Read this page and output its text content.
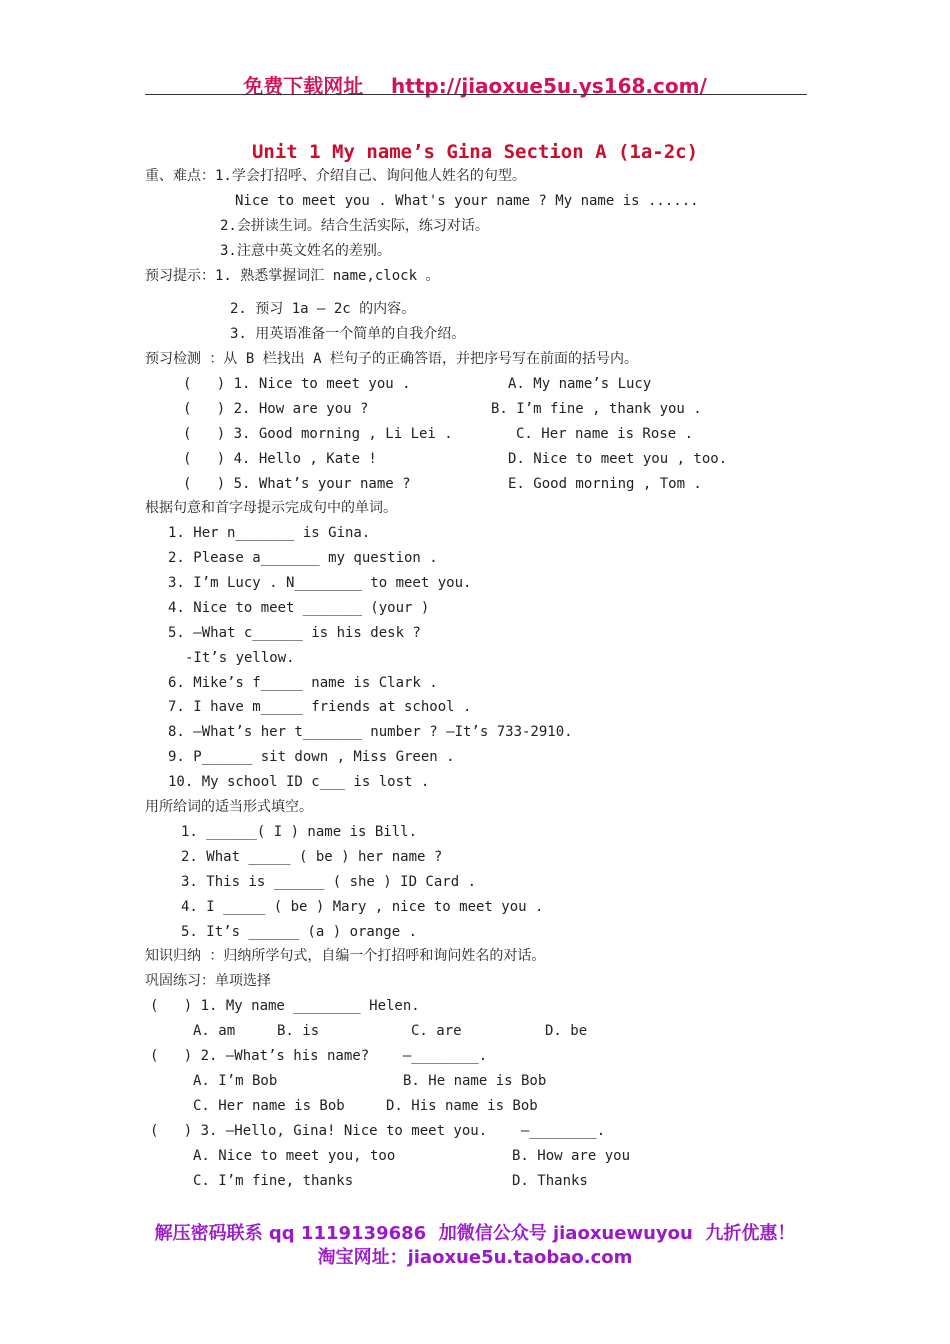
免费下载网址    http://jiaoxue5u.ys168.com/
Unit 1 My name’s Gina Section A (1a-2c)
重、难点：1.学会打招呼、介绍自己、询问他人姓名的句型。
Nice to meet you . What's your name ? My name is ......
2.会拼读生词。结合生活实际，练习对话。
3.注意中英文姓名的差别。
预习提示：1. 熟悉掌握词汇 name,clock 。
2. 预习 1a — 2c 的内容。
3. 用英语准备一个简单的自我介绍。
预习检测 ：从 B 栏找出 A 栏句子的正确答语，并把序号写在前面的括号内。
(   ) 1. Nice to meet you .	A. My name’s Lucy
(   ) 2. How are you ?	B. I’m fine , thank you .
(   ) 3. Good morning , Li Lei .	C. Her name is Rose .
(   ) 4. Hello , Kate !	D. Nice to meet you , too.
(   ) 5. What’s your name ?	E. Good morning , Tom .
根据句意和首字母提示完成句中的单词。
1. Her n_______ is Gina.
2. Please a_______ my question .
3. I’m Lucy . N________ to meet you.
4. Nice to meet _______ (your )
5. –What c______ is his desk ?
-It’s yellow.
6. Mike’s f_____ name is Clark .
7. I have m_____ friends at school .
8. –What’s her t_______ number ? –It’s 733-2910.
9. P______ sit down , Miss Green .
10. My school ID c___ is lost .
用所给词的适当形式填空。
1. ______( I ) name is Bill.
2. What _____ ( be ) her name ?
3. This is ______ ( she ) ID Card .
4. I _____ ( be ) Mary , nice to meet you .
5. It’s ______ (a ) orange .
知识归纳 ：归纳所学句式，自编一个打招呼和询问姓名的对话。
巩固练习：单项选择
(   ) 1. My name ________ Helen.
A. am	B. is	C. are	D. be
(   ) 2. —What’s his name?    —________.
A. I’m Bob	B. He name is Bob
C. Her name is Bob	D. His name is Bob
(   ) 3. —Hello, Gina! Nice to meet you.    —________.
A. Nice to meet you, too	B. How are you
C. I’m fine, thanks	D. Thanks
解压密码联系 qq 1119139686  加微信公众号 jiaoxuewuyou  九折优惠！
淘宝网址：jiaoxue5u.taobao.com
